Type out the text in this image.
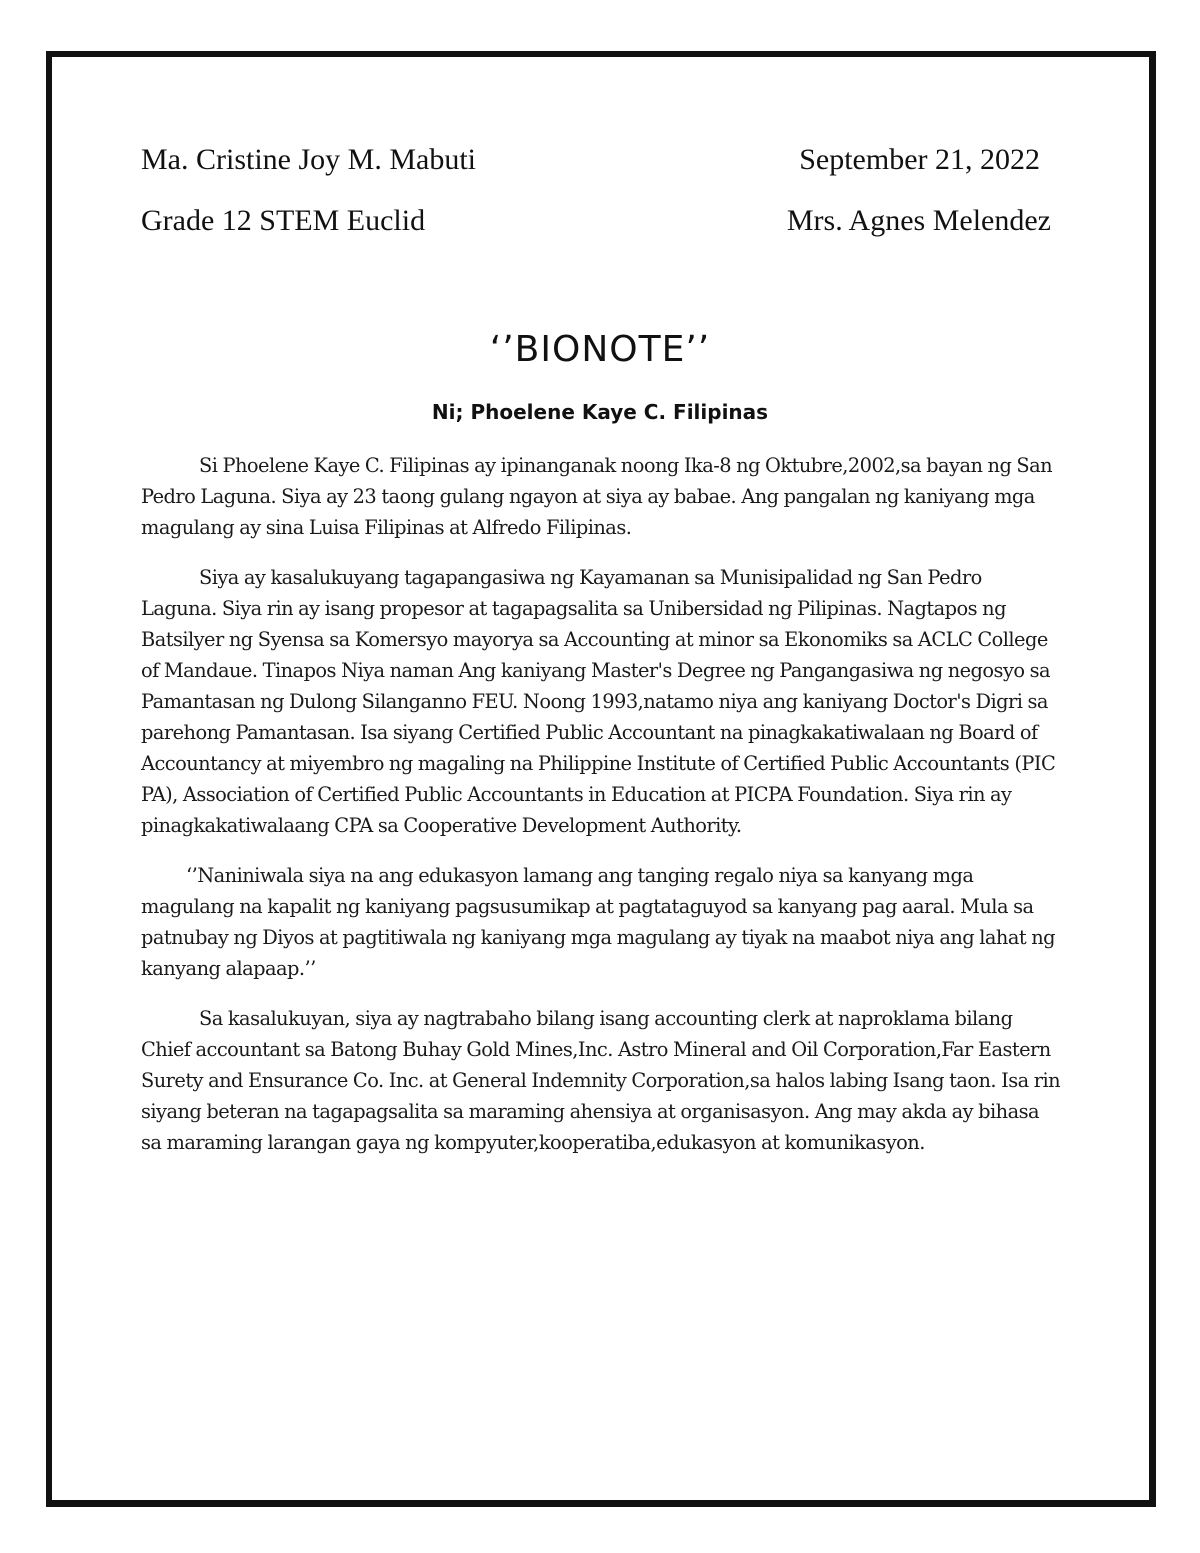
Ma. Cristine Joy M. Mabuti	September 21, 2022
Grade 12 STEM Euclid	Mrs. Agnes Melendez
‘’BIONOTE’’
Ni; Phoelene Kaye C. Filipinas

Si Phoelene Kaye C. Filipinas ay ipinanganak noong Ika-8 ng Oktubre,2002,sa bayan ng San Pedro Laguna. Siya ay 23 taong gulang ngayon at siya ay babae. Ang pangalan ng kaniyang mga magulang ay sina Luisa Filipinas at Alfredo Filipinas.

Siya ay kasalukuyang tagapangasiwa ng Kayamanan sa Munisipalidad ng San Pedro Laguna. Siya rin ay isang propesor at tagapagsalita sa Unibersidad ng Pilipinas. Nagtapos ng Batsilyer ng Syensa sa Komersyo mayorya sa Accounting at minor sa Ekonomiks sa ACLC College of Mandaue. Tinapos Niya naman Ang kaniyang Master's Degree ng Pangangasiwa ng negosyo sa Pamantasan ng Dulong Silanganno FEU. Noong 1993,natamo niya ang kaniyang Doctor's Digri sa parehong Pamantasan. Isa siyang Certified Public Accountant na pinagkakatiwalaan ng Board of Accountancy at miyembro ng magaling na Philippine Institute of Certified Public Accountants (PIC PA), Association of Certified Public Accountants in Education at PICPA Foundation. Siya rin ay pinagkakatiwalaang CPA sa Cooperative Development Authority.

‘’Naniniwala siya na ang edukasyon lamang ang tanging regalo niya sa kanyang mga magulang na kapalit ng kaniyang pagsusumikap at pagtataguyod sa kanyang pag aaral. Mula sa patnubay ng Diyos at pagtitiwala ng kaniyang mga magulang ay tiyak na maabot niya ang lahat ng kanyang alapaap.’’

Sa kasalukuyan, siya ay nagtrabaho bilang isang accounting clerk at naproklama bilang Chief accountant sa Batong Buhay Gold Mines,Inc. Astro Mineral and Oil Corporation,Far Eastern Surety and Ensurance Co. Inc. at General Indemnity Corporation,sa halos labing Isang taon. Isa rin siyang beteran na tagapagsalita sa maraming ahensiya at organisasyon. Ang may akda ay bihasa sa maraming larangan gaya ng kompyuter,kooperatiba,edukasyon at komunikasyon.
